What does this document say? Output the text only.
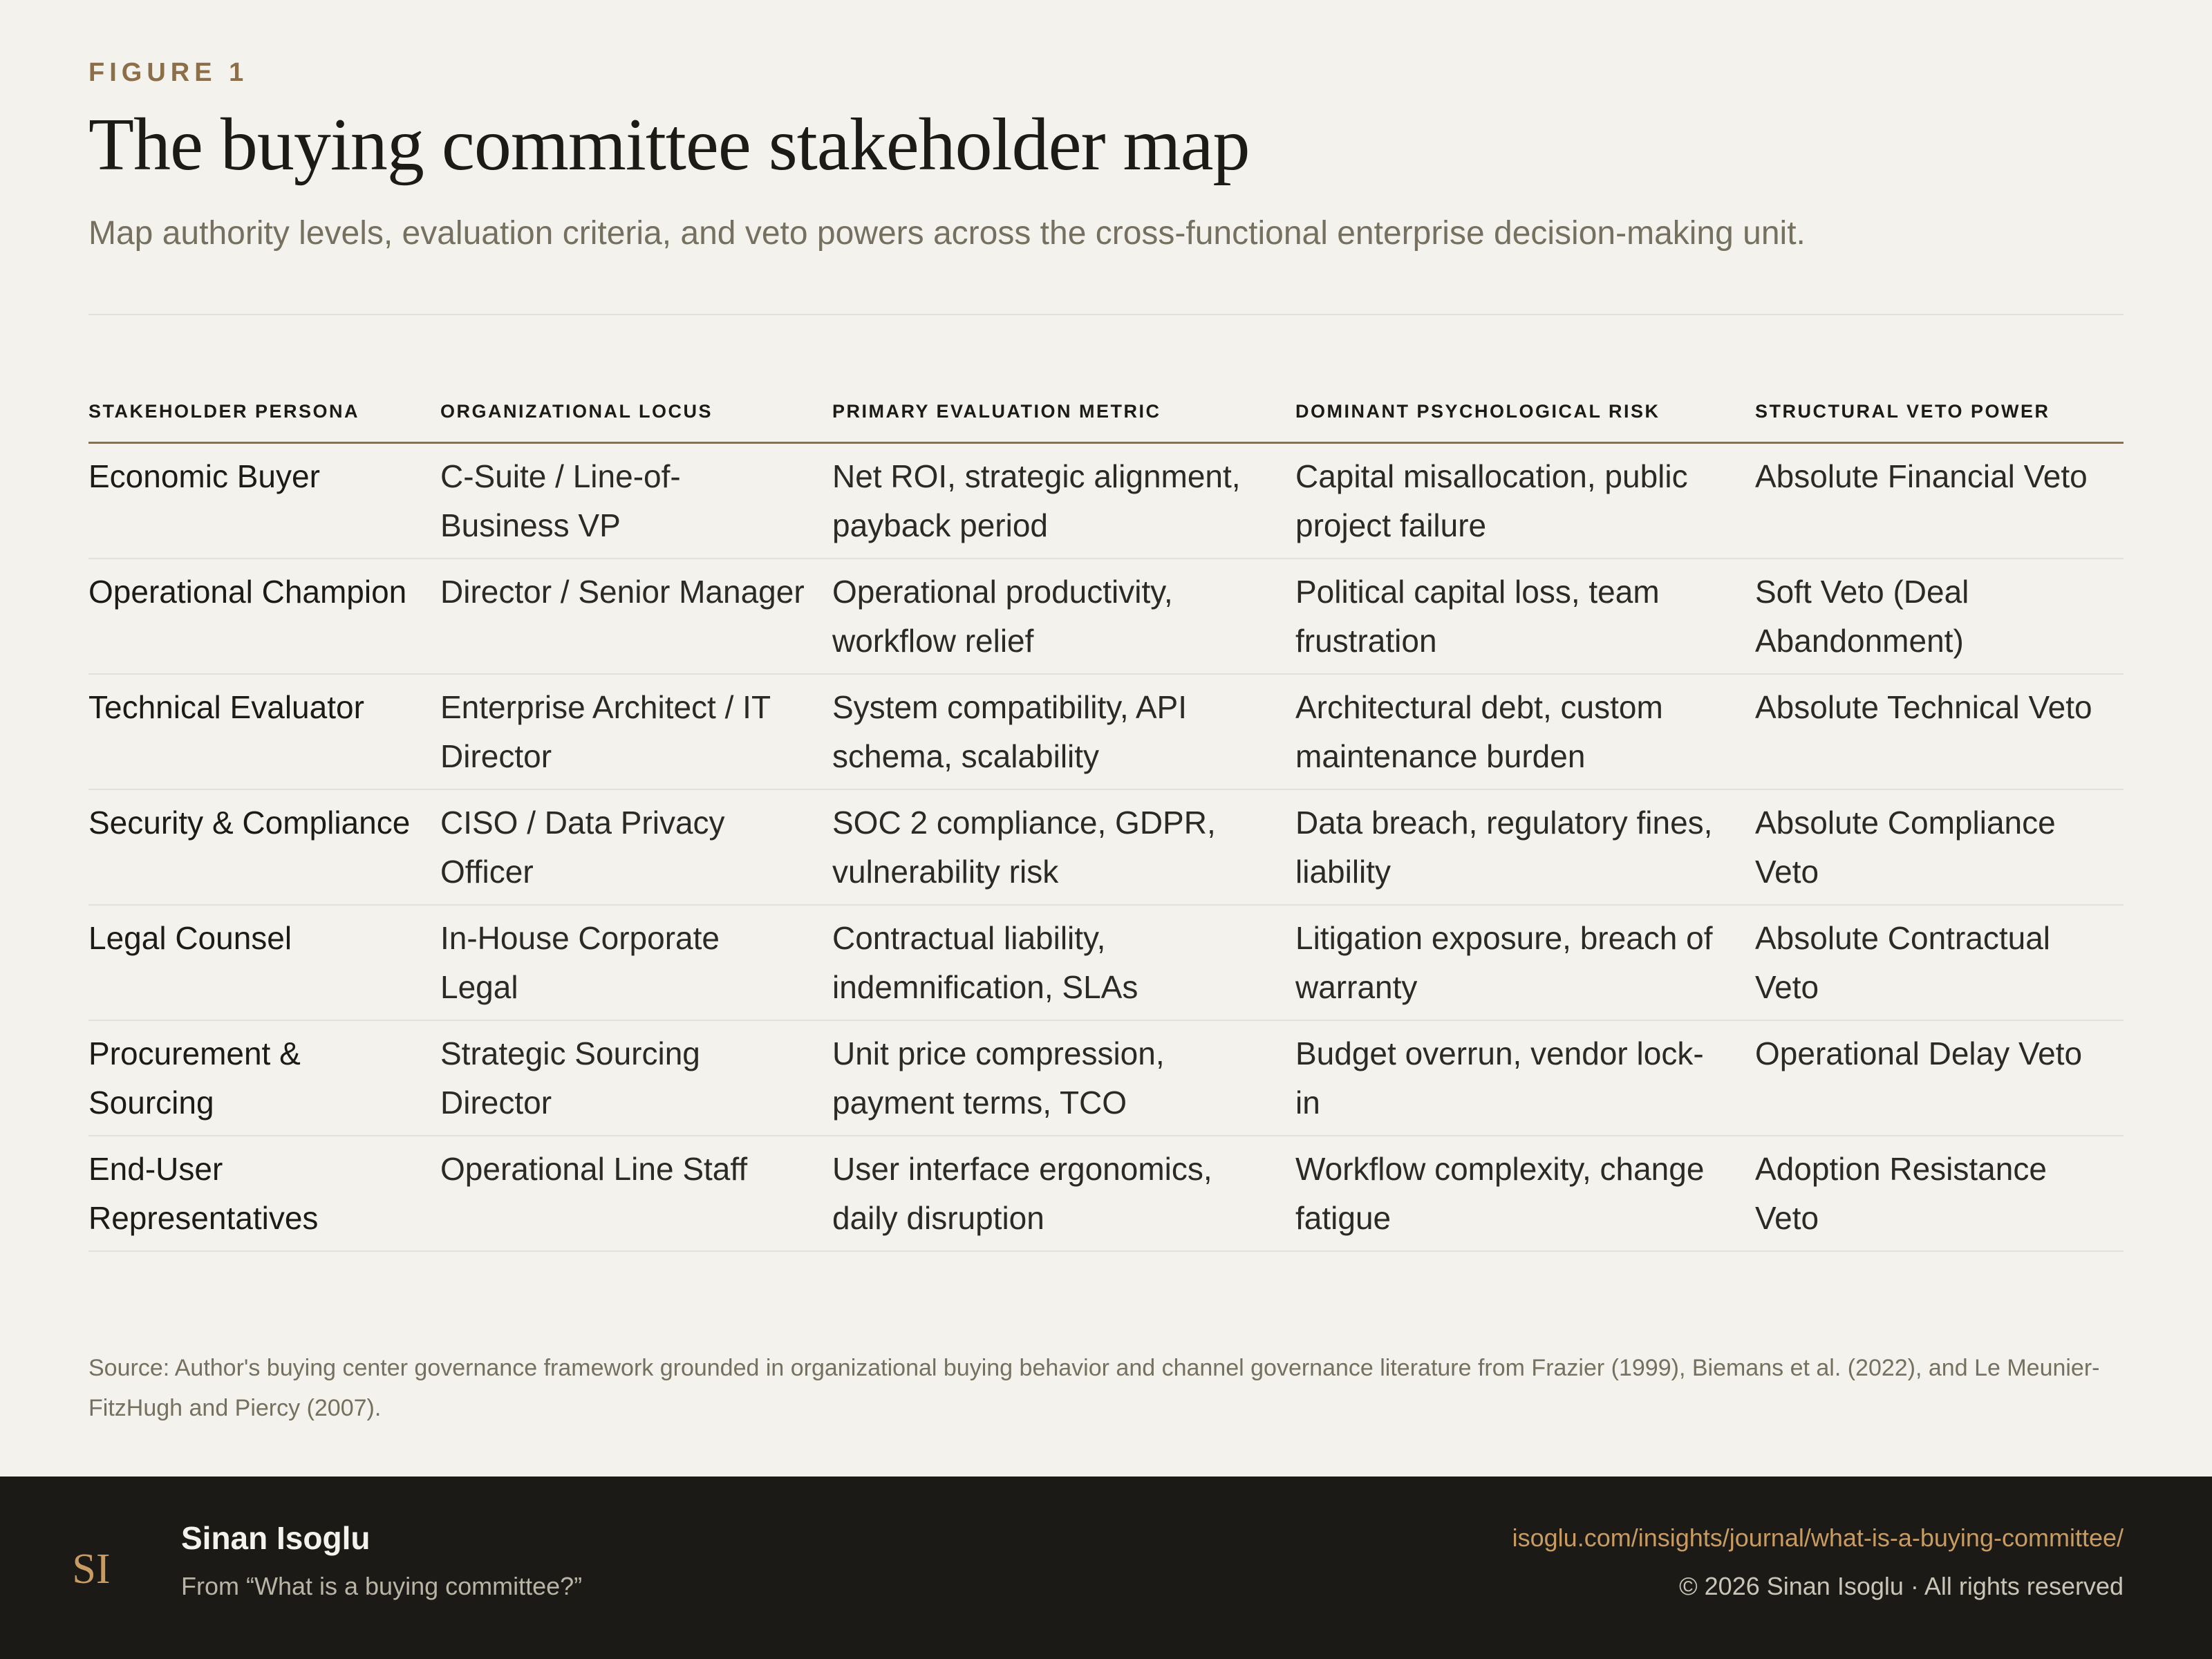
FIGURE 1
The buying committee stakeholder map

Map authority levels, evaluation criteria, and veto powers across the cross-functional enterprise decision-making unit.

STAKEHOLDER PERSONA	ORGANIZATIONAL LOCUS	PRIMARY EVALUATION METRIC	DOMINANT PSYCHOLOGICAL RISK	STRUCTURAL VETO POWER
Economic Buyer	C-Suite / Line-of-Business VP	Net ROI, strategic alignment, payback period	Capital misallocation, public project failure	Absolute Financial Veto
Operational Champion	Director / Senior Manager	Operational productivity, workflow relief	Political capital loss, team frustration	Soft Veto (Deal Abandonment)
Technical Evaluator	Enterprise Architect / IT Director	System compatibility, API schema, scalability	Architectural debt, custom maintenance burden	Absolute Technical Veto
Security & Compliance	CISO / Data Privacy Officer	SOC 2 compliance, GDPR, vulnerability risk	Data breach, regulatory fines, liability	Absolute Compliance Veto
Legal Counsel	In-House Corporate Legal	Contractual liability, indemnification, SLAs	Litigation exposure, breach of warranty	Absolute Contractual Veto
Procurement & Sourcing	Strategic Sourcing Director	Unit price compression, payment terms, TCO	Budget overrun, vendor lock-in	Operational Delay Veto
End-User Representatives	Operational Line Staff	User interface ergonomics, daily disruption	Workflow complexity, change fatigue	Adoption Resistance Veto

Source: Author's buying center governance framework grounded in organizational buying behavior and channel governance literature from Frazier (1999), Biemans et al. (2022), and Le Meunier-FitzHugh and Piercy (2007).

SI
Sinan Isoglu
From “What is a buying committee?”
isoglu.com/insights/journal/what-is-a-buying-committee/
© 2026 Sinan Isoglu · All rights reserved
